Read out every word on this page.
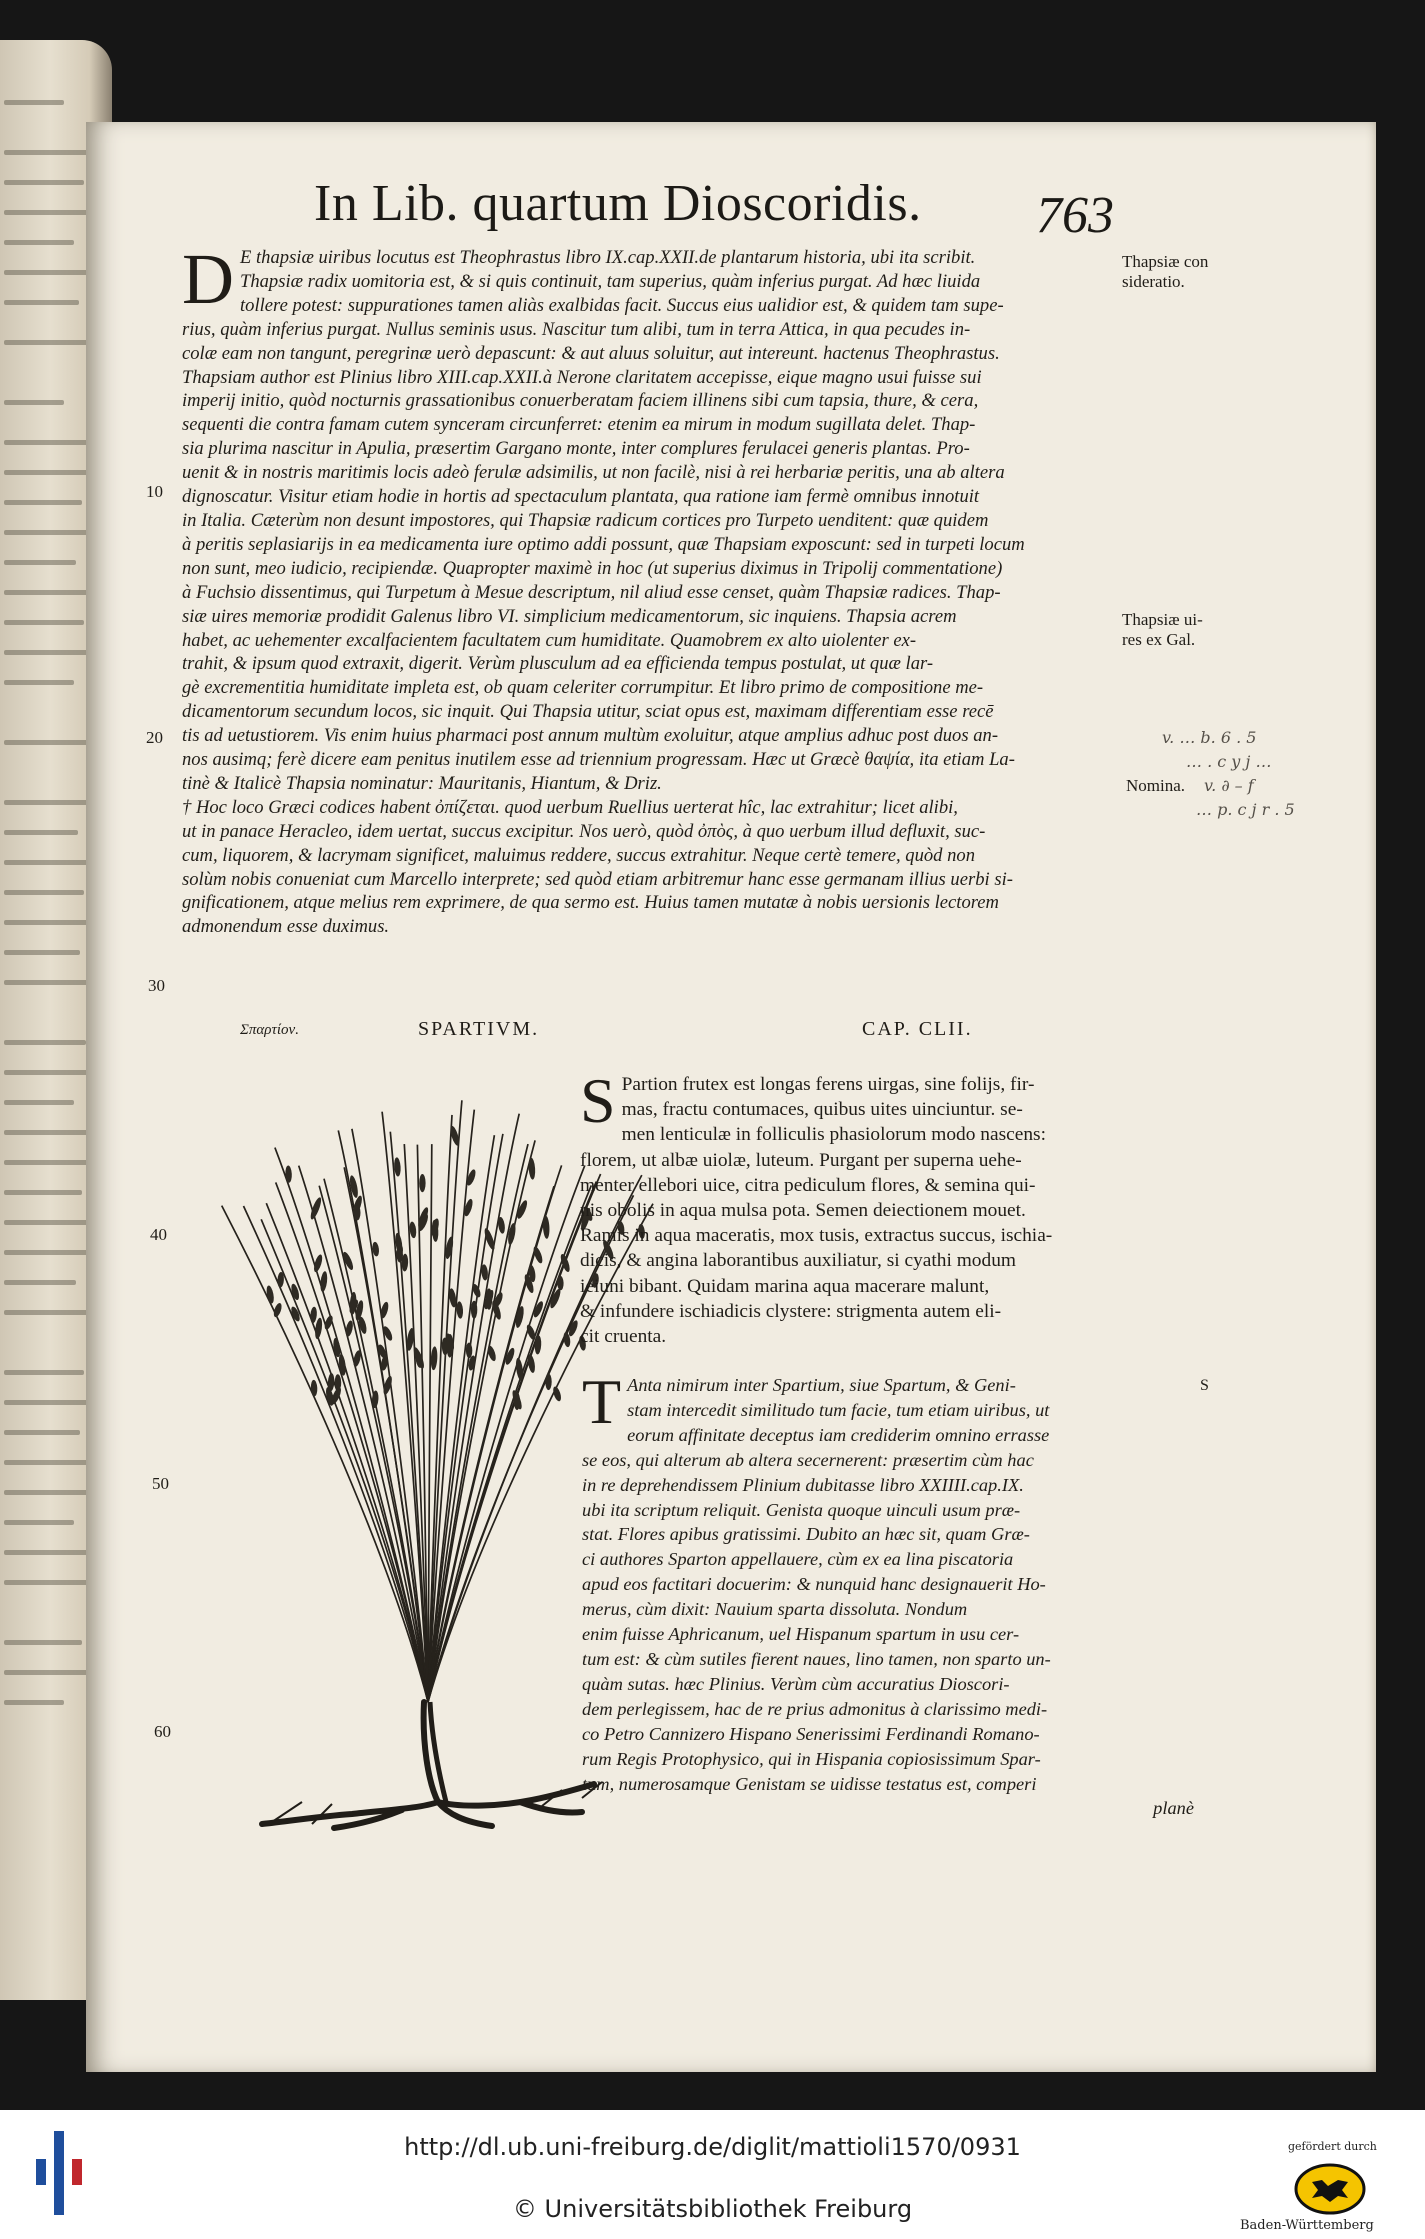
In Lib. quartum Dioscoridis. 763
D E thapsiæ uiribus locutus est Theophrastus libro IX.cap.XXII.de plantarum historia, ubi ita scribit.
Thapsiæ radix uomitoria est, & si quis continuit, tam superius, quàm inferius purgat. Ad hæc liuida
tollere potest: suppurationes tamen aliàs exalbidas facit. Succus eius ualidior est, & quidem tam supe-
rius, quàm inferius purgat. Nullus seminis usus. Nascitur tum alibi, tum in terra Attica, in qua pecudes in-
colæ eam non tangunt, peregrinæ uerò depascunt: & aut aluus soluitur, aut intereunt. hactenus Theophrastus.
Thapsiam author est Plinius libro XIII.cap.XXII.à Nerone claritatem accepisse, eique magno usui fuisse sui
imperij initio, quòd nocturnis grassationibus conuerberatam faciem illinens sibi cum tapsia, thure, & cera,
sequenti die contra famam cutem synceram circunferret: etenim ea mirum in modum sugillata delet. Thap-
sia plurima nascitur in Apulia, præsertim Gargano monte, inter complures ferulacei generis plantas. Pro-
uenit & in nostris maritimis locis adeò ferulæ adsimilis, ut non facilè, nisi à rei herbariæ peritis, una ab altera
dignoscatur. Visitur etiam hodie in hortis ad spectaculum plantata, qua ratione iam fermè omnibus innotuit
in Italia. Cæterùm non desunt impostores, qui Thapsiæ radicum cortices pro Turpeto uenditent: quæ quidem
à peritis seplasiarijs in ea medicamenta iure optimo addi possunt, quæ Thapsiam exposcunt: sed in turpeti locum
non sunt, meo iudicio, recipiendæ. Quapropter maximè in hoc (ut superius diximus in Tripolij commentatione)
à Fuchsio dissentimus, qui Turpetum à Mesue descriptum, nil aliud esse censet, quàm Thapsiæ radices. Thap-
siæ uires memoriæ prodidit Galenus libro VI. simplicium medicamentorum, sic inquiens. Thapsia acrem
habet, ac uehementer excalfacientem facultatem cum humiditate. Quamobrem ex alto uiolenter ex-
trahit, & ipsum quod extraxit, digerit. Verùm plusculum ad ea efficienda tempus postulat, ut quæ lar-
gè excrementitia humiditate impleta est, ob quam celeriter corrumpitur. Et libro primo de compositione me-
dicamentorum secundum locos, sic inquit. Qui Thapsia utitur, sciat opus est, maximam differentiam esse recē
tis ad uetustiorem. Vis enim huius pharmaci post annum multùm exoluitur, atque amplius adhuc post duos an-
nos ausimq; ferè dicere eam penitus inutilem esse ad triennium progressam. Hæc ut Græcè θαψία, ita etiam La-
tinè & Italicè Thapsia nominatur: Mauritanis, Hiantum, & Driz.
† Hoc loco Græci codices habent ὀπίζεται. quod uerbum Ruellius uerterat hîc, lac extrahitur; licet alibi,
ut in panace Heracleo, idem uertat, succus excipitur. Nos uerò, quòd ὀπὸς, à quo uerbum illud defluxit, suc-
cum, liquorem, & lacrymam significet, maluimus reddere, succus extrahitur. Neque certè temere, quòd non
solùm nobis conueniat cum Marcello interprete; sed quòd etiam arbitremur hanc esse germanam illius uerbi si-
gnificationem, atque melius rem exprimere, de qua sermo est. Huius tamen mutatæ à nobis uersionis lectorem
admonendum esse duximus.
Thapsiæ con
sideratio.
Thapsiæ ui-
res ex Gal.
Nomina.
v. … b. 6 . 5
… . c y j …
v. ∂ – f
… p. c j r . 5
10
20
30
40
50
60
Σπαρτίον.	SPARTIVM.	CAP. CLII.
S Partion frutex est longas ferens uirgas, sine folijs, fir-
mas, fractu contumaces, quibus uites uinciuntur. se-
men lenticulæ in folliculis phasiolorum modo nascens:
florem, ut albæ uiolæ, luteum. Purgant per superna uehe-
menter ellebori uice, citra pediculum flores, & semina qui-
nis obolis in aqua mulsa pota. Semen deiectionem mouet.
Ramis in aqua maceratis, mox tusis, extractus succus, ischia-
dicis, & angina laborantibus auxiliatur, si cyathi modum
ieiuni bibant. Quidam marina aqua macerare malunt,
& infundere ischiadicis clystere: strigmenta autem eli-
cit cruenta.
T Anta nimirum inter Spartium, siue Spartum, & Geni-
stam intercedit similitudo tum facie, tum etiam uiribus, ut
eorum affinitate deceptus iam crediderim omnino errasse
se eos, qui alterum ab altera secernerent: præsertim cùm hac
in re deprehendissem Plinium dubitasse libro XXIIII.cap.IX.
ubi ita scriptum reliquit. Genista quoque uinculi usum præ-
stat. Flores apibus gratissimi. Dubito an hæc sit, quam Græ-
ci authores Sparton appellauere, cùm ex ea lina piscatoria
apud eos factitari docuerim: & nunquid hanc designauerit Ho-
merus, cùm dixit: Nauium sparta dissoluta. Nondum
enim fuisse Aphricanum, uel Hispanum spartum in usu cer-
tum est: & cùm sutiles fierent naues, lino tamen, non sparto un-
quàm sutas. hæc Plinius. Verùm cùm accuratius Dioscori-
dem perlegissem, hac de re prius admonitus à clarissimo medi-
co Petro Cannizero Hispano Senerissimi Ferdinandi Romano-
rum Regis Protophysico, qui in Hispania copiosissimum Spar-
tum, numerosamque Genistam se uidisse testatus est, comperi
planè
S
http://dl.ub.uni-freiburg.de/diglit/mattioli1570/0931
© Universitätsbibliothek Freiburg
gefördert durch
Baden-Württemberg
